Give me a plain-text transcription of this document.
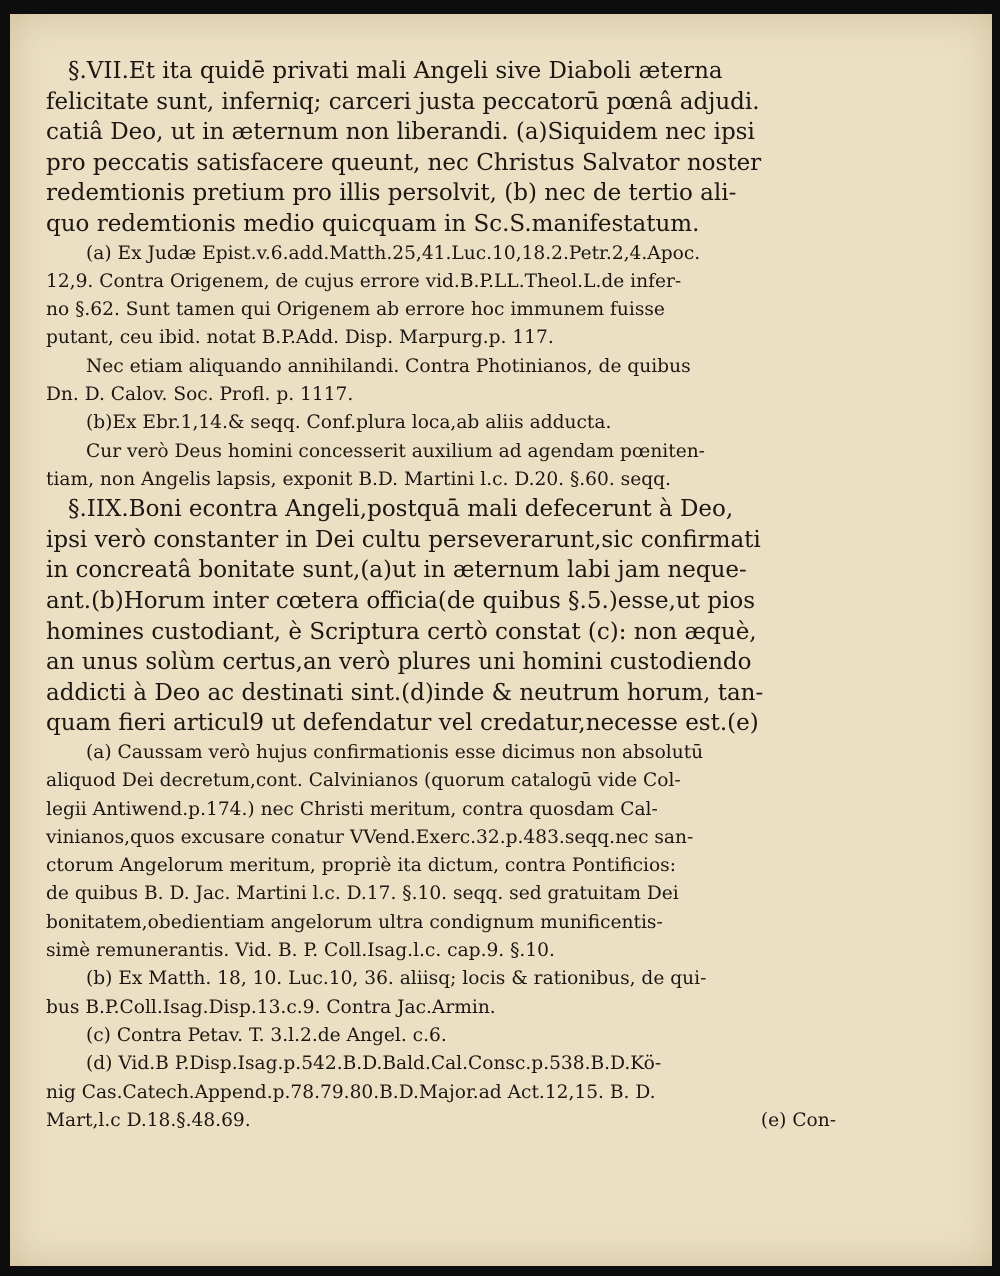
§.VII.Et ita quidē privati mali Angeli sive Diaboli æterna

felicitate sunt, inferniq; carceri justa peccatorū pœnâ adjudi.

catiâ Deo, ut in æternum non liberandi. (a)Siquidem nec ipsi

pro peccatis satisfacere queunt, nec Christus Salvator noster

redemtionis pretium pro illis persolvit, (b) nec de tertio ali-

quo redemtionis medio quicquam in Sc.S.manifestatum.

(a) Ex Judæ Epist.v.6.add.Matth.25,41.Luc.10,18.2.Petr.2,4.Apoc.

12,9. Contra Origenem, de cujus errore vid.B.P.LL.Theol.L.de infer-

no §.62. Sunt tamen qui Origenem ab errore hoc immunem fuisse

putant, ceu ibid. notat B.P.Add. Disp. Marpurg.p. 117.

Nec etiam aliquando annihilandi. Contra Photinianos, de quibus

Dn. D. Calov. Soc. Profl. p. 1117.

(b)Ex Ebr.1,14.& seqq. Conf.plura loca,ab aliis adducta.

Cur verò Deus homini concesserit auxilium ad agendam pœniten-

tiam, non Angelis lapsis, exponit B.D. Martini l.c. D.20. §.60. seqq.

§.IIX.Boni econtra Angeli,postquā mali defecerunt à Deo,

ipsi verò constanter in Dei cultu perseverarunt,sic confirmati

in concreatâ bonitate sunt,(a)ut in æternum labi jam neque-

ant.(b)Horum inter cœtera officia(de quibus §.5.)esse,ut pios

homines custodiant, è Scriptura certò constat (c): non æquè,

an unus solùm certus,an verò plures uni homini custodiendo

addicti à Deo ac destinati sint.(d)inde & neutrum horum, tan-

quam fieri articul9 ut defendatur vel credatur,necesse est.(e)

(a) Caussam verò hujus confirmationis esse dicimus non absolutū

aliquod Dei decretum,cont. Calvinianos (quorum catalogū vide Col-

legii Antiwend.p.174.) nec Christi meritum, contra quosdam Cal-

vinianos,quos excusare conatur VVend.Exerc.32.p.483.seqq.nec san-

ctorum Angelorum meritum, propriè ita dictum, contra Pontificios:

de quibus B. D. Jac. Martini l.c. D.17. §.10. seqq. sed gratuitam Dei

bonitatem,obedientiam angelorum ultra condignum munificentis-

simè remunerantis. Vid. B. P. Coll.Isag.l.c. cap.9. §.10.

(b) Ex Matth. 18, 10. Luc.10, 36. aliisq; locis & rationibus, de qui-

bus B.P.Coll.Isag.Disp.13.c.9. Contra Jac.Armin.

(c) Contra Petav. T. 3.l.2.de Angel. c.6.

(d) Vid.B P.Disp.Isag.p.542.B.D.Bald.Cal.Consc.p.538.B.D.Kö-

nig Cas.Catech.Append.p.78.79.80.B.D.Major.ad Act.12,15. B. D.

Mart,l.c D.18.§.48.69.	(e) Con-
